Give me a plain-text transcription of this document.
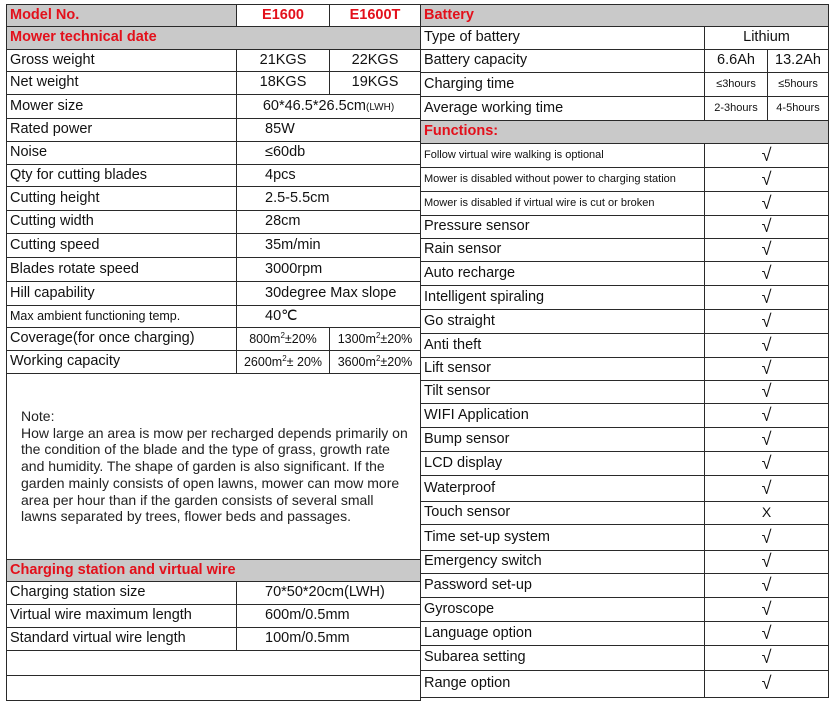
Model No.	E1600	E1600T
Mower technical date		
Gross weight	21KGS	22KGS
Net weight	18KGS	19KGS
Mower size	60*46.5*26.5cm(LWH)	
Rated power	85W	
Noise	≤60db	
Qty for cutting blades	4pcs	
Cutting height	2.5-5.5cm	
Cutting width	28cm	
Cutting speed	35m/min	
Blades rotate speed	3000rpm	
Hill capability	30degree Max slope	
Max ambient functioning temp.	40℃	
Coverage(for once charging)	$800m^2\pm 20\%$	$1300m^2\pm 20\%$
Working capacity	$2600m^2\pm 20\%$	$3600m^2\pm 20\%$

Note:
How large an area is mow per recharged depends primarily on the condition of the blade and the type of grass, growth rate and humidity. The shape of garden is also significant. If the garden mainly consists of open lawns, mower can mow more area per hour than if the garden consists of several small lawns separated by trees, flower beds and passages.		

Charging station and virtual wire		
Charging station size	70*50*20cm(LWH)	
Virtual wire maximum length	600m/0.5mm	
Standard virtual wire length	100m/0.5mm	

Battery		
Type of battery	Lithium	
Battery capacity	6.6Ah	13.2Ah
Charging time	≤3hours	≤5hours
Average working time	2-3hours	4-5hours
Functions:		
Follow virtual wire walking is optional	√	
Mower is disabled without power to charging station	√	
Mower is disabled if virtual wire is cut or broken	√	
Pressure sensor	√	
Rain sensor	√	
Auto recharge	√	
Intelligent spiraling	√	
Go straight	√	
Anti theft	√	
Lift sensor	√	
Tilt sensor	√	
WIFI Application	√	
Bump sensor	√	
LCD display	√	
Waterproof	√	
Touch sensor	X	
Time set-up system	√	
Emergency switch	√	
Password set-up	√	
Gyroscope	√	
Language option	√	
Subarea setting	√	
Range option	√	
